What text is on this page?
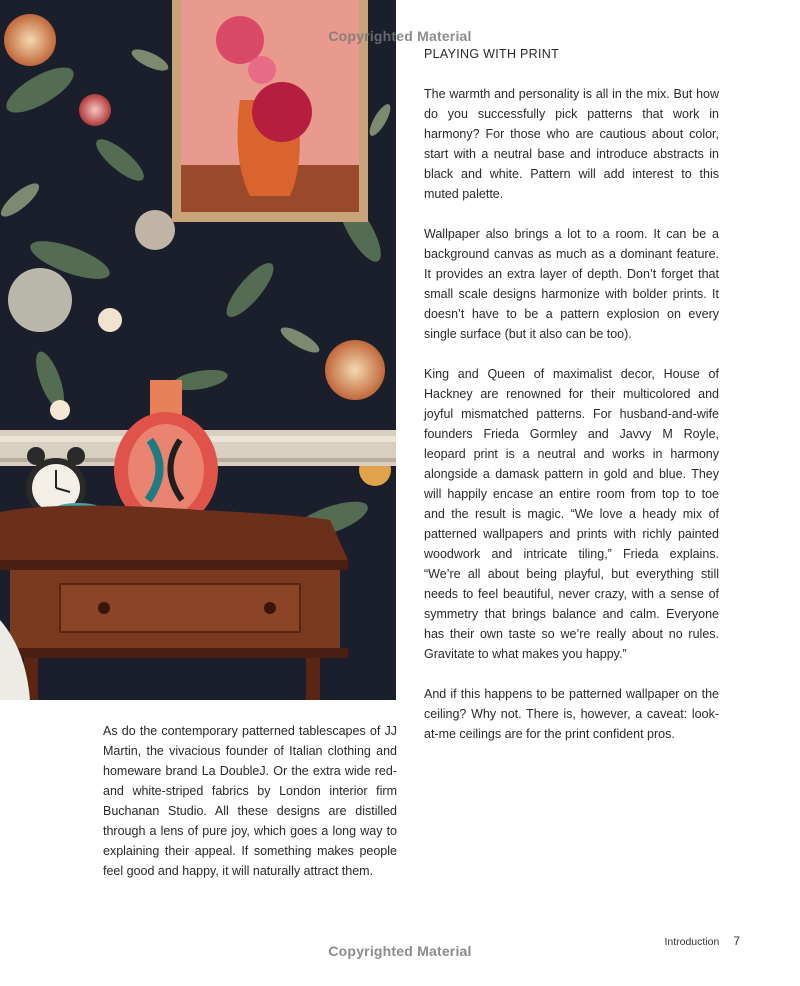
Copyrighted Material

PLAYING WITH PRINT

The warmth and personality is all in the mix. But how do you successfully pick patterns that work in harmony? For those who are cautious about color, start with a neutral base and introduce abstracts in black and white. Pattern will add interest to this muted palette.

Wallpaper also brings a lot to a room. It can be a background canvas as much as a dominant feature. It provides an extra layer of depth. Don’t forget that small scale designs harmonize with bolder prints. It doesn’t have to be a pattern explosion on every single surface (but it also can be too).

King and Queen of maximalist decor, House of Hackney are renowned for their multicolored and joyful mismatched patterns. For husband-and-wife founders Frieda Gormley and Javvy M Royle, leopard print is a neutral and works in harmony alongside a damask pattern in gold and blue. They will happily encase an entire room from top to toe and the result is magic. “We love a heady mix of patterned wallpapers and prints with richly painted woodwork and intricate tiling,” Frieda explains. “We’re all about being playful, but everything still needs to feel beautiful, never crazy, with a sense of symmetry that brings balance and calm. Everyone has their own taste so we’re really about no rules. Gravitate to what makes you happy.”

And if this happens to be patterned wallpaper on the ceiling? Why not. There is, however, a caveat: look-at-me ceilings are for the print confident pros.

As do the contemporary patterned tablescapes of JJ Martin, the vivacious founder of Italian clothing and homeware brand La DoubleJ. Or the extra wide red- and white-striped fabrics by London interior firm Buchanan Studio. All these designs are distilled through a lens of pure joy, which goes a long way to explaining their appeal. If something makes people feel good and happy, it will naturally attract them.

Introduction 7
Copyrighted Material
